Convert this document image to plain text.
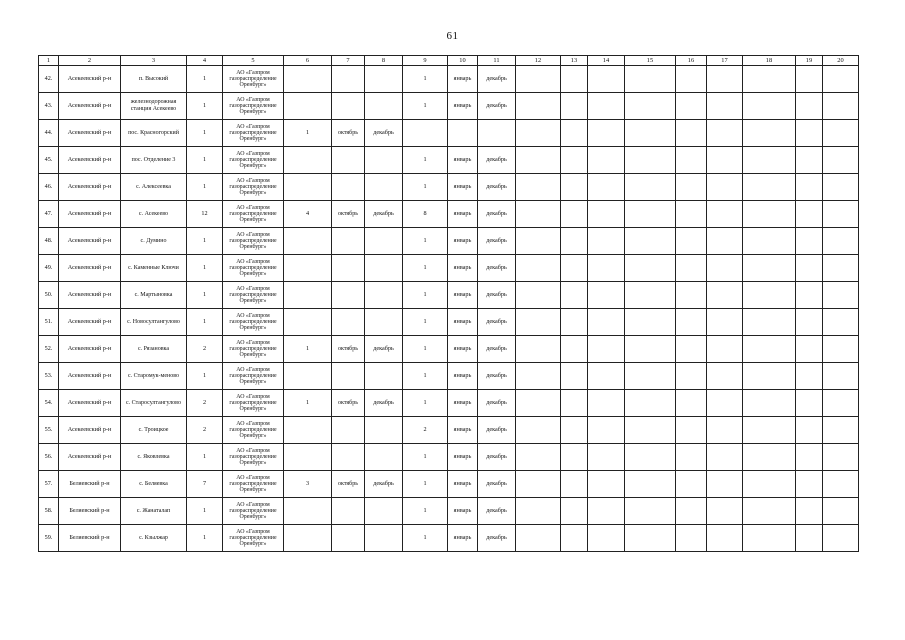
61
1	2	3	4	5	6	7	8	9	10	11	12	13	14	15	16	17	18	19	20
42.	Асекеевский р-н	п. Высокий	1	АО «Газпром газораспределение Оренбург»				1	январь	декабрь									
43.	Асекеевский р-н	железнодорожная станция Асекеево	1	АО «Газпром газораспределение Оренбург»				1	январь	декабрь									
44.	Асекеевский р-н	пос. Красногорский	1	АО «Газпром газораспределение Оренбург»	1	октябрь	декабрь												
45.	Асекеевский р-н	пос. Отделение 3	1	АО «Газпром газораспределение Оренбург»				1	январь	декабрь									
46.	Асекеевский р-н	с. Алексеевка	1	АО «Газпром газораспределение Оренбург»				1	январь	декабрь									
47.	Асекеевский р-н	с. Асекеево	12	АО «Газпром газораспределение Оренбург»	4	октябрь	декабрь	8	январь	декабрь									
48.	Асекеевский р-н	с. Думино	1	АО «Газпром газораспределение Оренбург»				1	январь	декабрь									
49.	Асекеевский р-н	с. Каменные Ключи	1	АО «Газпром газораспределение Оренбург»				1	январь	декабрь									
50.	Асекеевский р-н	с. Мартыновка	1	АО «Газпром газораспределение Оренбург»				1	январь	декабрь									
51.	Асекеевский р-н	с. Новосултангулово	1	АО «Газпром газораспределение Оренбург»				1	январь	декабрь									
52.	Асекеевский р-н	с. Рязановка	2	АО «Газпром газораспределение Оренбург»	1	октябрь	декабрь	1	январь	декабрь									
53.	Асекеевский р-н	с. Старомук-меново	1	АО «Газпром газораспределение Оренбург»				1	январь	декабрь									
54.	Асекеевский р-н	с. Старосултангулово	2	АО «Газпром газораспределение Оренбург»	1	октябрь	декабрь	1	январь	декабрь									
55.	Асекеевский р-н	с. Троицкое	2	АО «Газпром газораспределение Оренбург»				2	январь	декабрь									
56.	Асекеевский р-н	с. Яковлевка	1	АО «Газпром газораспределение Оренбург»				1	январь	декабрь									
57.	Беляевский р-н	с. Беляевка	7	АО «Газпром газораспределение Оренбург»	3	октябрь	декабрь	1	январь	декабрь									
58.	Беляевский р-н	с. Жанаталап	1	АО «Газпром газораспределение Оренбург»				1	январь	декабрь									
59.	Беляевский р-н	с. Кзылжар	1	АО «Газпром газораспределение Оренбург»				1	январь	декабрь									
